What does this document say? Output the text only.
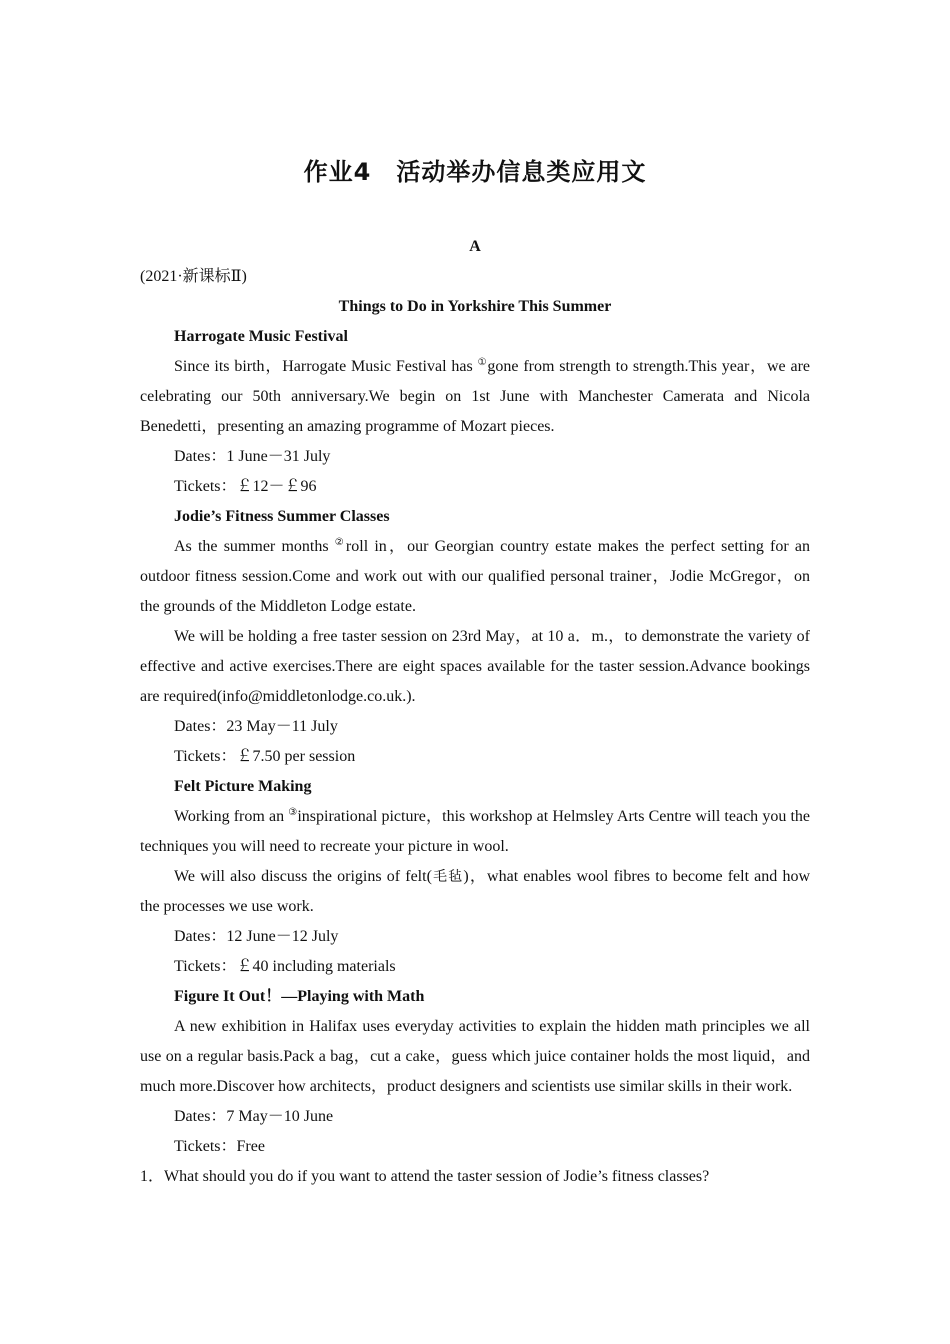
作业4　活动举办信息类应用文

A

(2021·新课标Ⅱ)

Things to Do in Yorkshire This Summer

Harrogate Music Festival

Since its birth，Harrogate Music Festival has ①gone from strength to strength.This year，we are celebrating our 50th anniversary.We begin on 1st June with Manchester Camerata and Nicola Benedetti，presenting an amazing programme of Mozart pieces.

Dates：1 June－31 July

Tickets：￡12－￡96

Jodie’s Fitness Summer Classes

As the summer months ②roll in，our Georgian country estate makes the perfect setting for an outdoor fitness session.Come and work out with our qualified personal trainer，Jodie McGregor，on the grounds of the Middleton Lodge estate.

We will be holding a free taster session on 23rd May，at 10 a．m.，to demonstrate the variety of effective and active exercises.There are eight spaces available for the taster session.Advance bookings are required(info@middletonlodge.co.uk.).

Dates：23 May－11 July

Tickets：￡7.50 per session

Felt Picture Making

Working from an ③inspirational picture，this workshop at Helmsley Arts Centre will teach you the techniques you will need to recreate your picture in wool.

We will also discuss the origins of felt(毛毡)，what enables wool fibres to become felt and how the processes we use work.

Dates：12 June－12 July

Tickets：￡40 including materials

Figure It Out！—Playing with Math

A new exhibition in Halifax uses everyday activities to explain the hidden math principles we all use on a regular basis.Pack a bag，cut a cake，guess which juice container holds the most liquid，and much more.Discover how architects，product designers and scientists use similar skills in their work.

Dates：7 May－10 June

Tickets：Free

1．What should you do if you want to attend the taster session of Jodie’s fitness classes?
